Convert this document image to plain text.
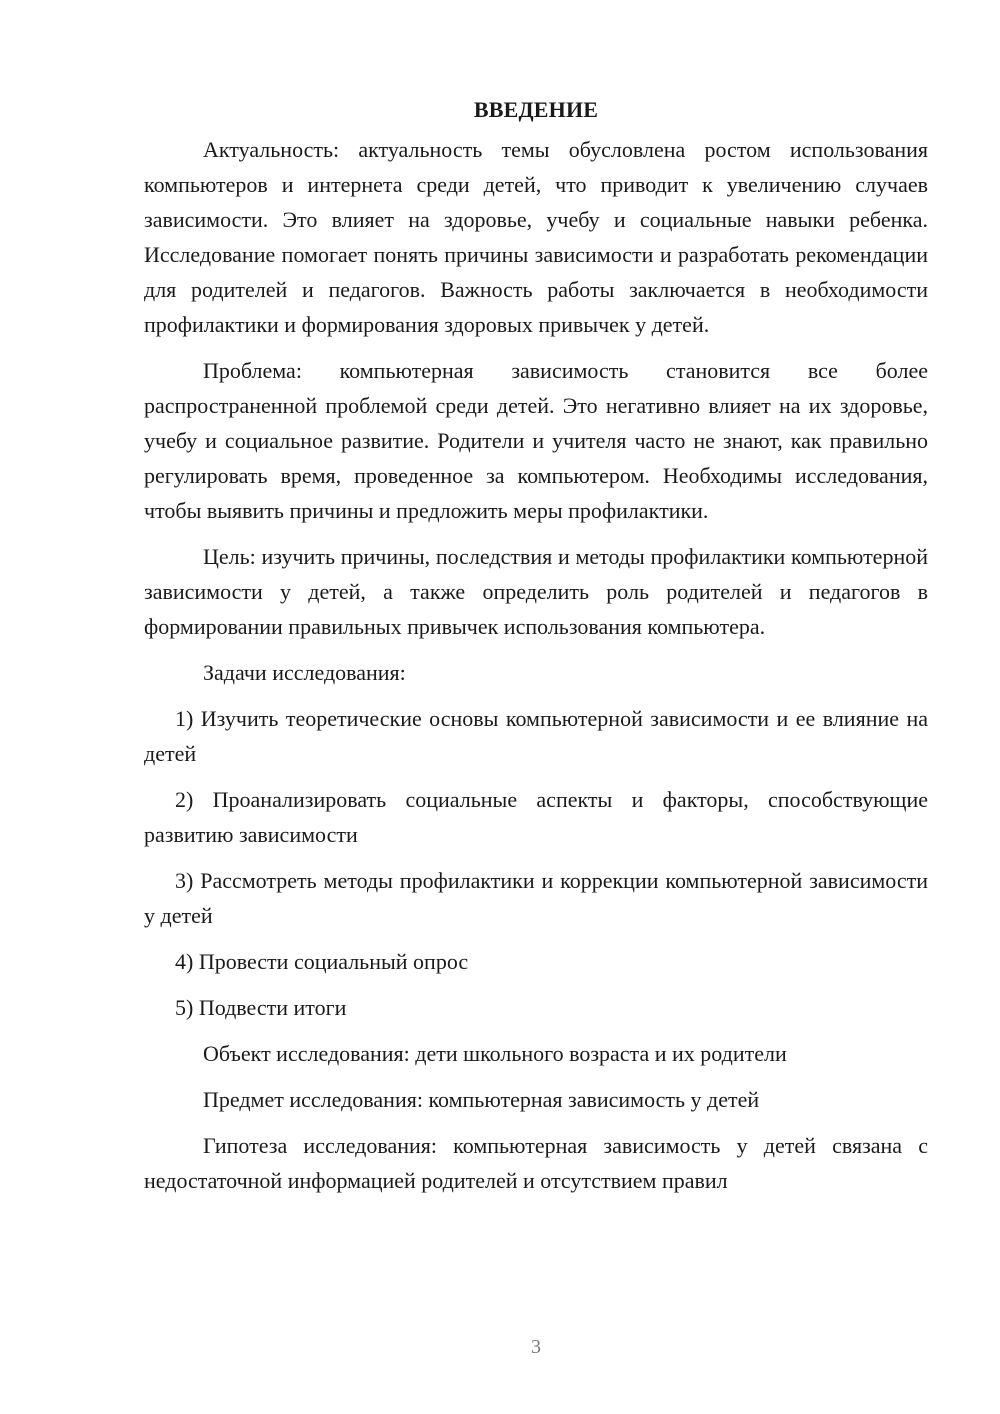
ВВЕДЕНИЕ

Актуальность: актуальность темы обусловлена ростом использования компьютеров и интернета среди детей, что приводит к увеличению случаев зависимости. Это влияет на здоровье, учебу и социальные навыки ребенка. Исследование помогает понять причины зависимости и разработать рекомендации для родителей и педагогов. Важность работы заключается в необходимости профилактики и формирования здоровых привычек у детей.

Проблема: компьютерная зависимость становится все более распространенной проблемой среди детей. Это негативно влияет на их здоровье, учебу и социальное развитие. Родители и учителя часто не знают, как правильно регулировать время, проведенное за компьютером. Необходимы исследования, чтобы выявить причины и предложить меры профилактики.

Цель: изучить причины, последствия и методы профилактики компьютерной зависимости у детей, а также определить роль родителей и педагогов в формировании правильных привычек использования компьютера.

Задачи исследования:

1) Изучить теоретические основы компьютерной зависимости и ее влияние на детей

2) Проанализировать социальные аспекты и факторы, способствующие развитию зависимости

3) Рассмотреть методы профилактики и коррекции компьютерной зависимости у детей

4) Провести социальный опрос

5) Подвести итоги

Объект исследования: дети школьного возраста и их родители

Предмет исследования: компьютерная зависимость у детей

Гипотеза исследования: компьютерная зависимость у детей связана с недостаточной информацией родителей и отсутствием правил

3
